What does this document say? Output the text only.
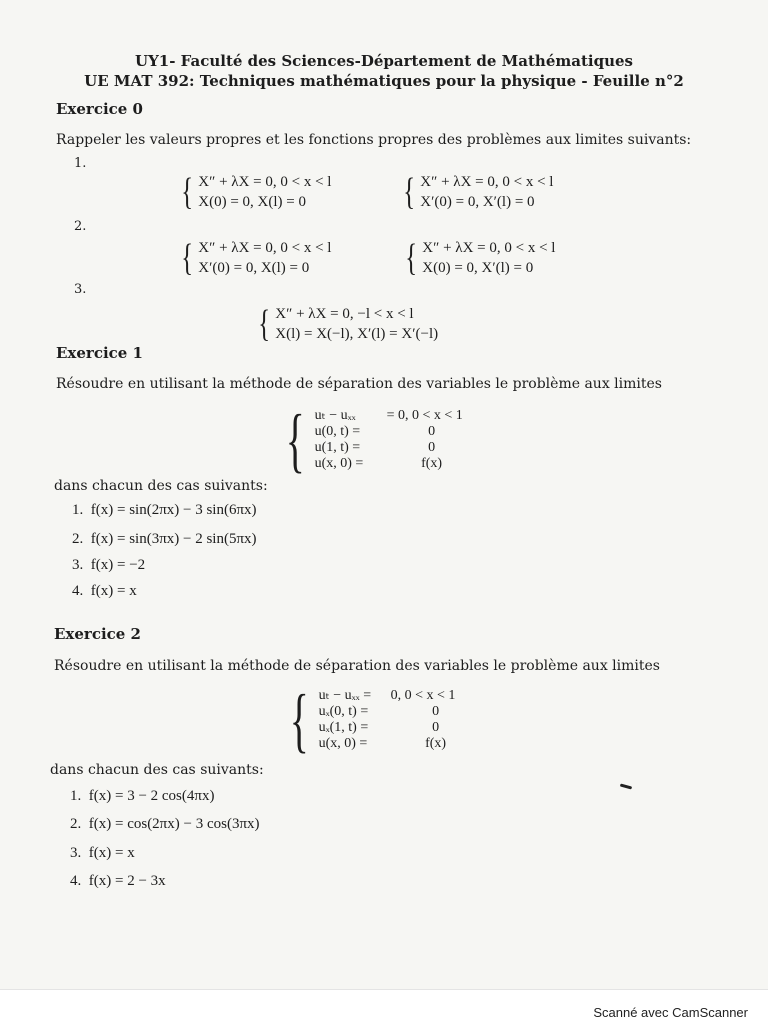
UY1- Faculté des Sciences-Département de Mathématiques
UE MAT 392: Techniques mathématiques pour la physique - Feuille n°2
Exercice 0
Rappeler les valeurs propres et les fonctions propres des problèmes aux limites suivants:
1.
{ X″ + λX = 0, 0 < x < l
X(0) = 0, X(l) = 0	{ X″ + λX = 0, 0 < x < l
X′(0) = 0, X′(l) = 0
2.
{ X″ + λX = 0, 0 < x < l
X′(0) = 0, X(l) = 0	{ X″ + λX = 0, 0 < x < l
X(0) = 0, X′(l) = 0
3.
{ X″ + λX = 0, −l < x < l
X(l) = X(−l), X′(l) = X′(−l)
Exercice 1
Résoudre en utilisant la méthode de séparation des variables le problème aux limites
{ uₜ − uₓₓ	= 0, 0 < x < 1
u(0, t) =	0
u(1, t) =	0
u(x, 0) =	f(x)
dans chacun des cas suivants:
1. f(x) = sin(2πx) − 3 sin(6πx)
2. f(x) = sin(3πx) − 2 sin(5πx)
3. f(x) = −2
4. f(x) = x
Exercice 2
Résoudre en utilisant la méthode de séparation des variables le problème aux limites
{ uₜ − uₓₓ =	0, 0 < x < 1
uₓ(0, t) =	0
uₓ(1, t) =	0
u(x, 0) =	f(x)
dans chacun des cas suivants:
1. f(x) = 3 − 2 cos(4πx)
2. f(x) = cos(2πx) − 3 cos(3πx)
3. f(x) = x
4. f(x) = 2 − 3x
Scanné avec CamScanner
